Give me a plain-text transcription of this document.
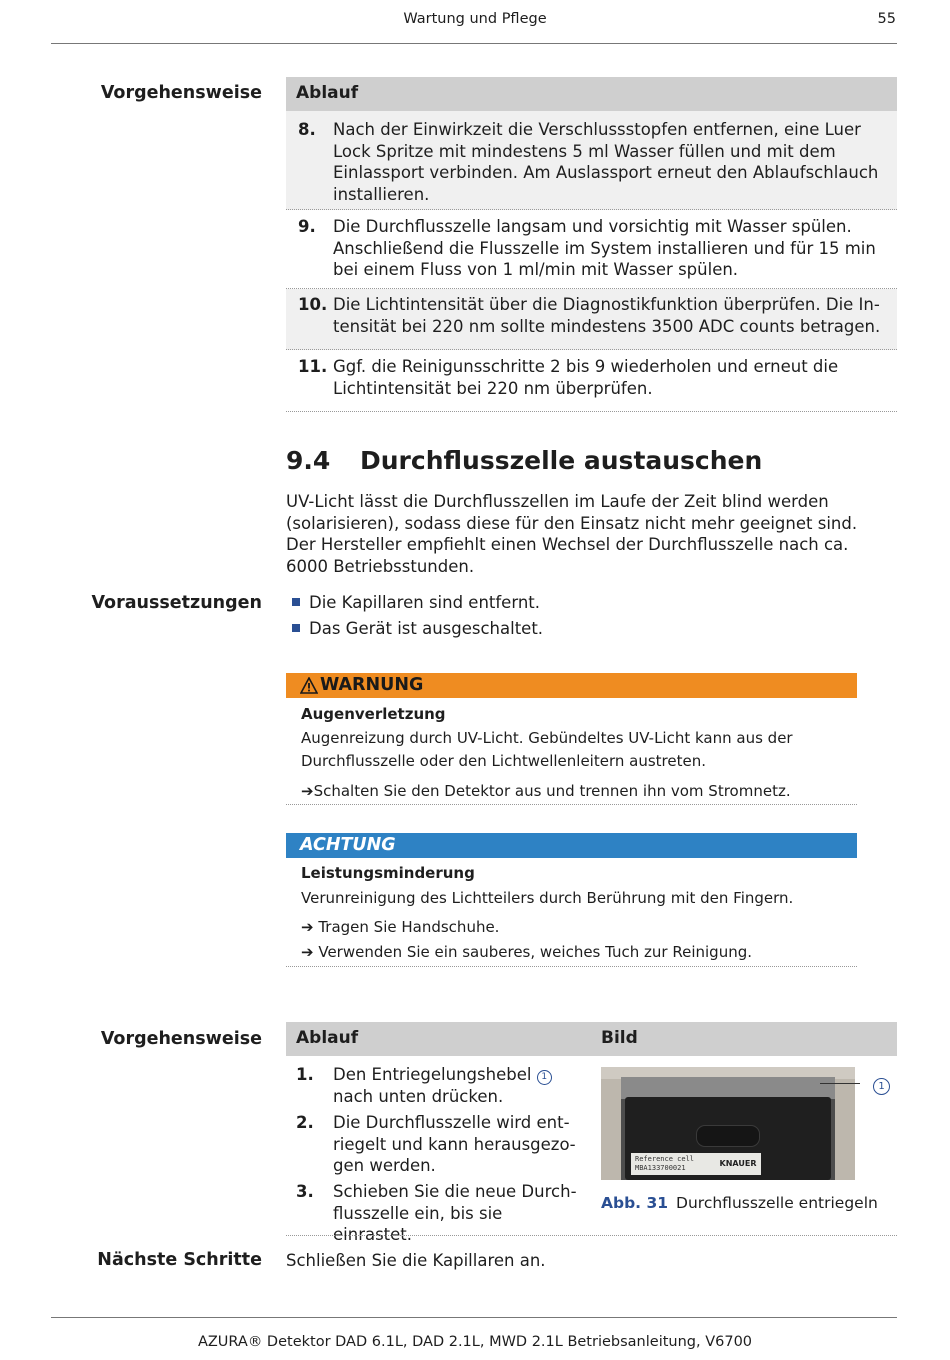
Wartung und Pflege	55
Vorgehensweise Ablauf
8. Nach der Einwirkzeit die Verschlussstopfen entfernen, eine Luer Lock Spritze mit mindestens 5 ml Wasser füllen und mit dem Einlassport verbinden. Am Auslassport erneut den Ablaufschlauch installieren.
9. Die Durchflusszelle langsam und vorsichtig mit Wasser spülen. Anschließend die Flusszelle im System installieren und für 15 min bei einem Fluss von 1 ml/min mit Wasser spülen.
10. Die Lichtintensität über die Diagnostikfunktion überprüfen. Die Intensität bei 220 nm sollte mindestens 3500 ADC counts betragen.
11. Ggf. die Reinigunsschritte 2 bis 9 wiederholen und erneut die Lichtintensität bei 220 nm überprüfen.
9.4 Durchflusszelle austauschen
UV-Licht lässt die Durchflusszellen im Laufe der Zeit blind werden (solarisieren), sodass diese für den Einsatz nicht mehr geeignet sind. Der Hersteller empfiehlt einen Wechsel der Durchflusszelle nach ca. 6000 Betriebsstunden.
Voraussetzungen	Die Kapillaren sind entfernt.
Das Gerät ist ausgeschaltet.
WARNUNG
Augenverletzung
Augenreizung durch UV-Licht. Gebündeltes UV-Licht kann aus der Durchflusszelle oder den Lichtwellenleitern austreten.
➔Schalten Sie den Detektor aus und trennen ihn vom Stromnetz.
ACHTUNG
Leistungsminderung
Verunreinigung des Lichtteilers durch Berührung mit den Fingern.
➔ Tragen Sie Handschuhe.
➔ Verwenden Sie ein sauberes, weiches Tuch zur Reinigung.
Vorgehensweise Ablauf	Bild
1. Den Entriegelungshebel 1
nach unten drücken.
2. Die Durchflusszelle wird entriegelt und kann herausgezogen werden.
3. Schieben Sie die neue Durchflusszelle ein, bis sie einrastet.
Reference cell
MBA133700021	KNAUER
1
Abb. 31 Durchflusszelle entriegeln
Nächste Schritte Schließen Sie die Kapillaren an.
AZURA® Detektor DAD 6.1L, DAD 2.1L, MWD 2.1L Betriebsanleitung, V6700
